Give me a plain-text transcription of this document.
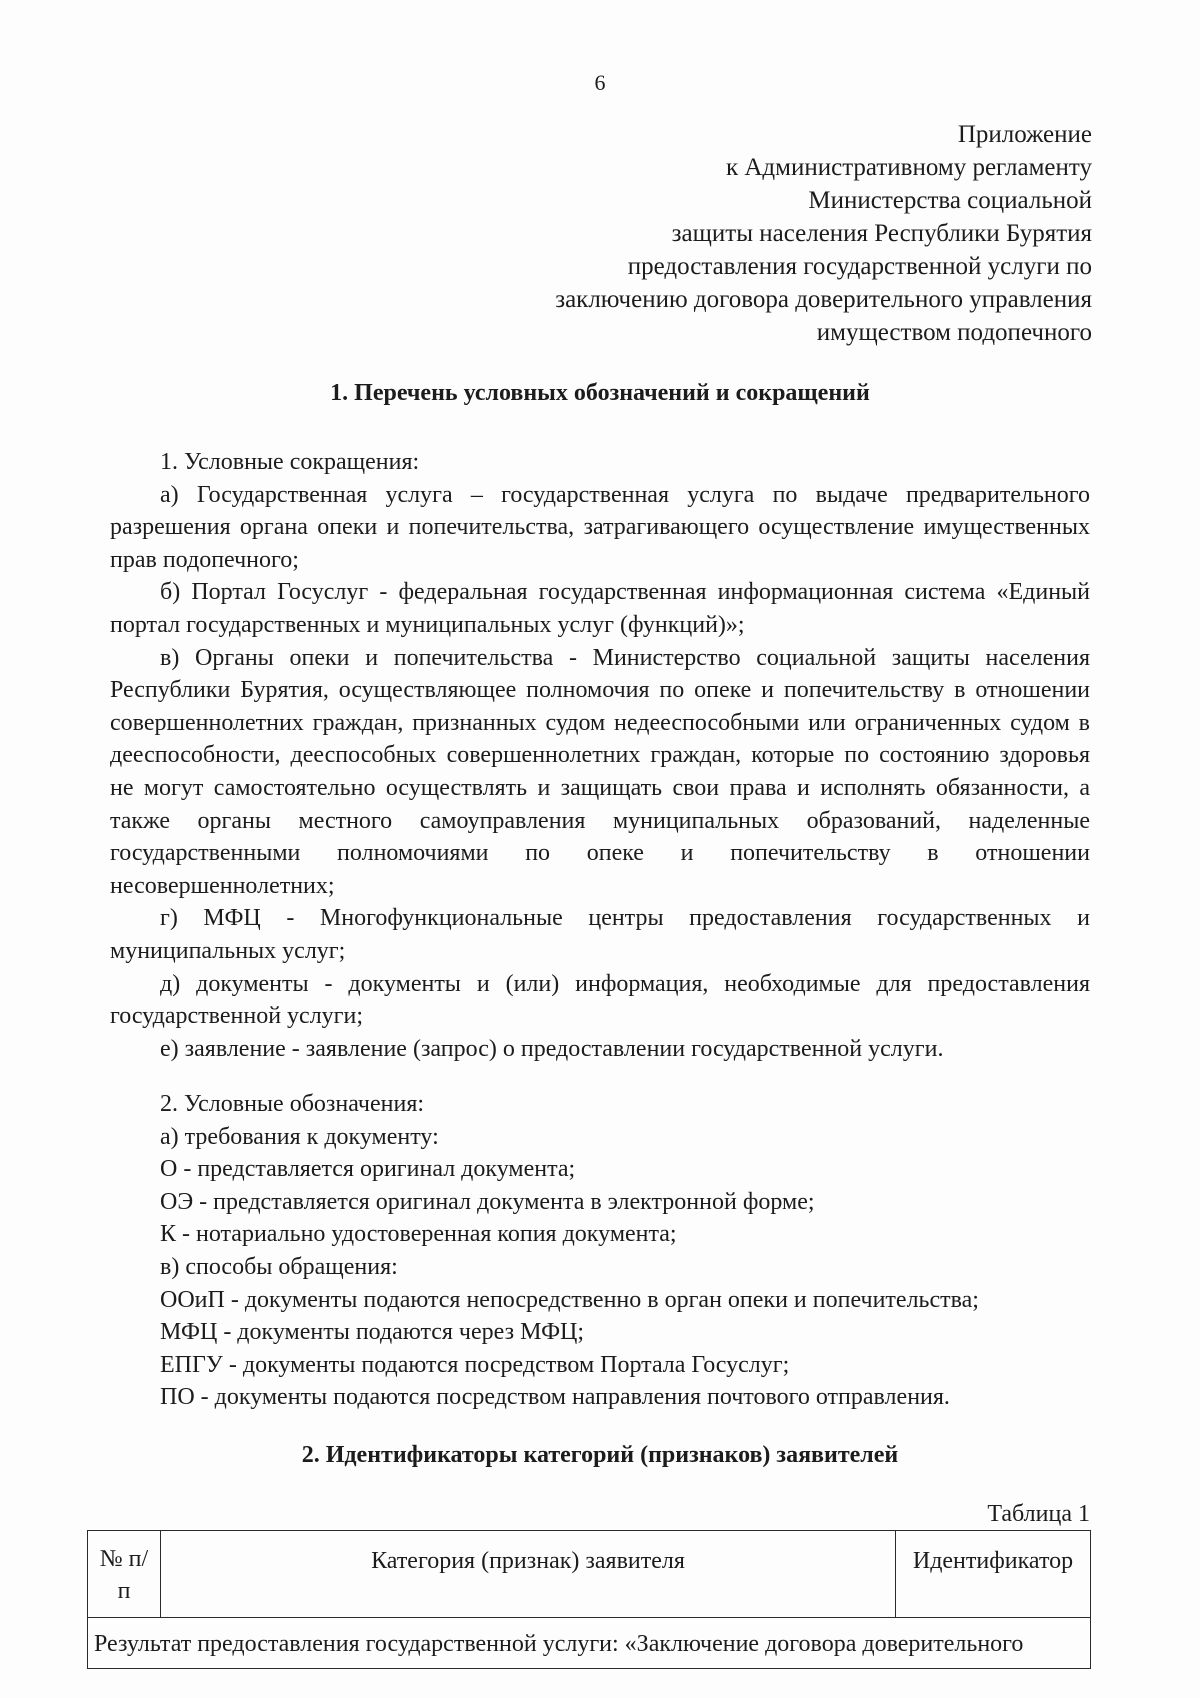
6
Приложение
к Административному регламенту
Министерства социальной
защиты населения Республики Бурятия
предоставления государственной услуги по
заключению договора доверительного управления
имуществом подопечного
1. Перечень условных обозначений и сокращений
1. Условные сокращения:

а) Государственная услуга – государственная услуга по выдаче предварительного разрешения органа опеки и попечительства, затрагивающего осуществление имущественных прав подопечного;

б) Портал Госуслуг - федеральная государственная информационная система «Единый портал государственных и муниципальных услуг (функций)»;

в) Органы опеки и попечительства - Министерство социальной защиты населения Республики Бурятия, осуществляющее полномочия по опеке и попечительству в отношении совершеннолетних граждан, признанных судом недееспособными или ограниченных судом в дееспособности, дееспособных совершеннолетних граждан, которые по состоянию здоровья не могут самостоятельно осуществлять и защищать свои права и исполнять обязанности, а также органы местного самоуправления муниципальных образований, наделенные государственными полномочиями по опеке и попечительству в отношении несовершеннолетних;

г) МФЦ - Многофункциональные центры предоставления государственных и муниципальных услуг;

д) документы - документы и (или) информация, необходимые для предоставления государственной услуги;

е) заявление - заявление (запрос) о предоставлении государственной услуги.

2. Условные обозначения:
а) требования к документу:
О - представляется оригинал документа;
ОЭ - представляется оригинал документа в электронной форме;
К - нотариально удостоверенная копия документа;
в) способы обращения:
ООиП - документы подаются непосредственно в орган опеки и попечительства;
МФЦ - документы подаются через МФЦ;
ЕПГУ - документы подаются посредством Портала Госуслуг;
ПО - документы подаются посредством направления почтового отправления.
2. Идентификаторы категорий (признаков) заявителей
Таблица 1
№ п/п	Категория (признак) заявителя	Идентификатор
Результат предоставления государственной услуги: «Заключение договора доверительного
